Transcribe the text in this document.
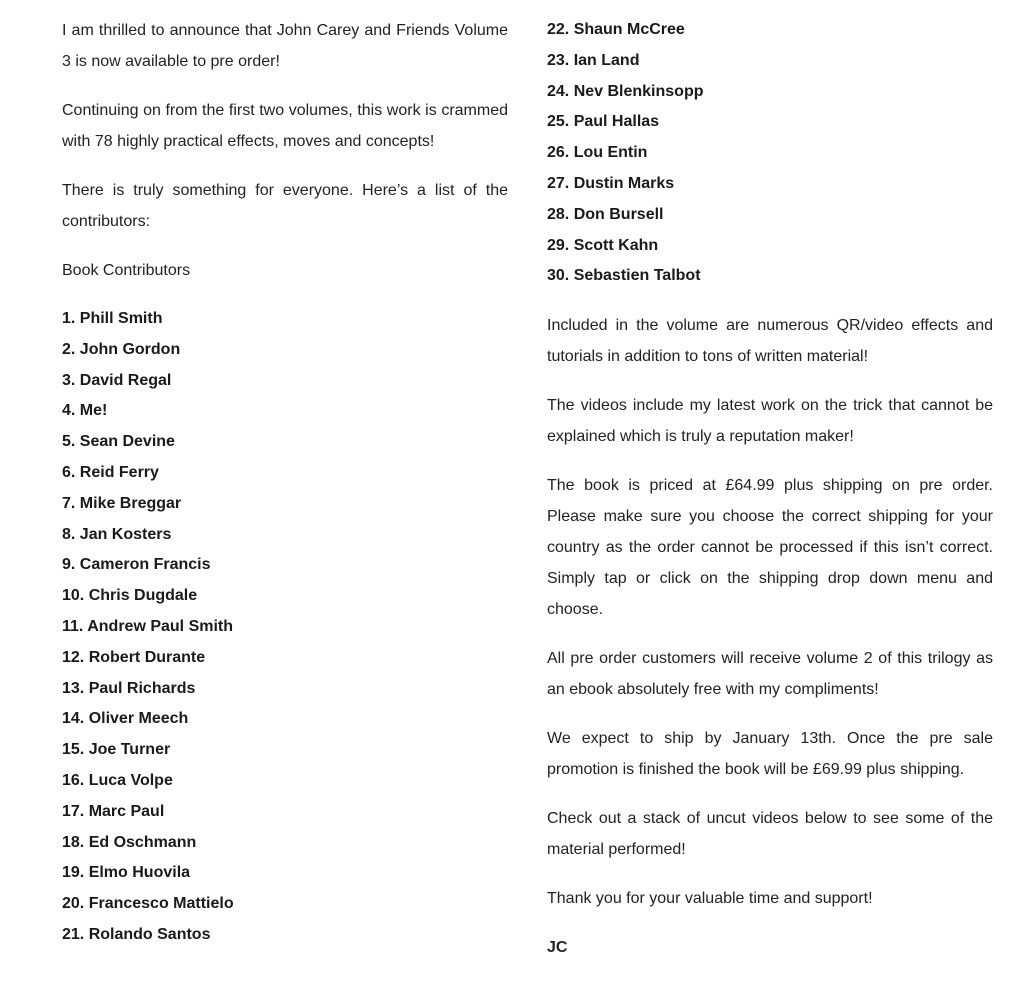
I am thrilled to announce that John Carey and Friends Volume 3 is now available to pre order!

Continuing on from the first two volumes, this work is crammed with 78 highly practical effects, moves and concepts!

There is truly something for everyone. Here’s a list of the contributors:

Book Contributors
1. Phill Smith
2. John Gordon
3. David Regal
4. Me!
5. Sean Devine
6. Reid Ferry
7. Mike Breggar
8. Jan Kosters
9. Cameron Francis
10. Chris Dugdale
11. Andrew Paul Smith
12. Robert Durante
13. Paul Richards
14. Oliver Meech
15. Joe Turner
16. Luca Volpe
17. Marc Paul
18. Ed Oschmann
19. Elmo Huovila
20. Francesco Mattielo
21. Rolando Santos
22. Shaun McCree
23. Ian Land
24. Nev Blenkinsopp
25. Paul Hallas
26. Lou Entin
27. Dustin Marks
28. Don Bursell
29. Scott Kahn
30. Sebastien Talbot

Included in the volume are numerous QR/video effects and tutorials in addition to tons of written material!

The videos include my latest work on the trick that cannot be explained which is truly a reputation maker!

The book is priced at £64.99 plus shipping on pre order. Please make sure you choose the correct shipping for your country as the order cannot be processed if this isn’t correct. Simply tap or click on the shipping drop down menu and choose.

All pre order customers will receive volume 2 of this trilogy as an ebook absolutely free with my compliments!

We expect to ship by January 13th. Once the pre sale promotion is finished the book will be £69.99 plus shipping.

Check out a stack of uncut videos below to see some of the material performed!

Thank you for your valuable time and support!

JC
